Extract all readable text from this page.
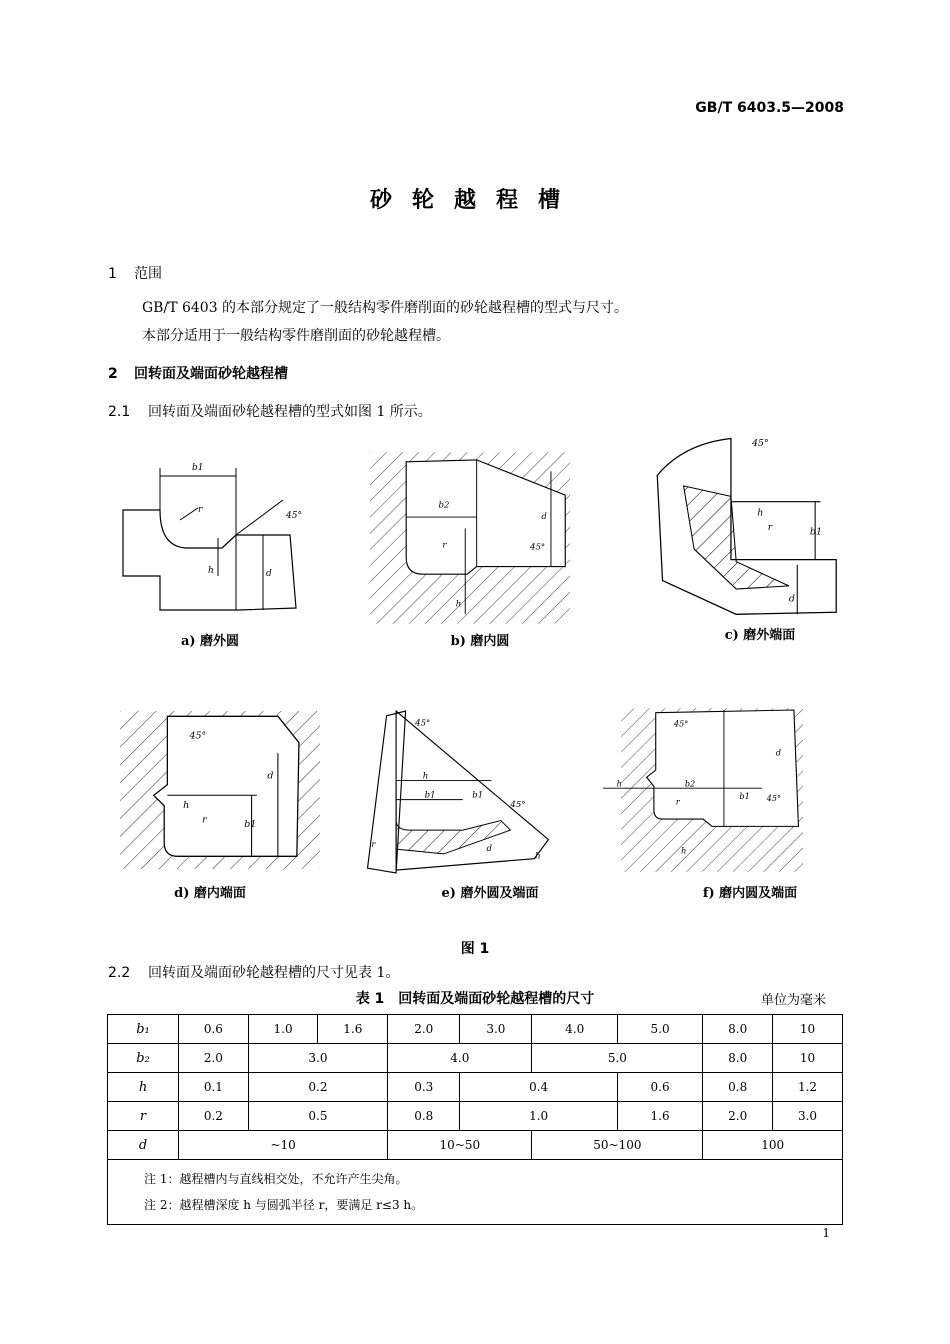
GB/T 6403.5—2008
砂轮越程槽
1 范围
GB/T 6403 的本部分规定了一般结构零件磨削面的砂轮越程槽的型式与尺寸。
本部分适用于一般结构零件磨削面的砂轮越程槽。
2 回转面及端面砂轮越程槽
2.1 回转面及端面砂轮越程槽的型式如图 1 所示。
b1
h
r
d
45°
a) 磨外圆
b2
d
h
r	45°
b) 磨内圆
b1
h
r
d
45°
c) 磨外端面
b1
d
h
r
45°
d) 磨内端面
h
b1	b1
d
h
r
45°
45°
e) 磨外圆及端面
b2
h
b1
d
r
h
45°
45°
f) 磨内圆及端面
图 1
2.2 回转面及端面砂轮越程槽的尺寸见表 1。
表 1　回转面及端面砂轮越程槽的尺寸	单位为毫米
b₁	0.6	1.0	1.6	2.0	3.0	4.0	5.0	8.0	10
b₂	2.0	3.0		4.0		5.0		8.0	10
h	0.1	0.2		0.3	0.4		0.6	0.8	1.2
r	0.2	0.5		0.8	1.0		1.6	2.0	3.0
d	~10			10~50		50~100		100	

注 1：越程槽内与直线相交处，不允许产生尖角。
注 2：越程槽深度 h 与圆弧半径 r，要满足 r≤3 h。									
1
